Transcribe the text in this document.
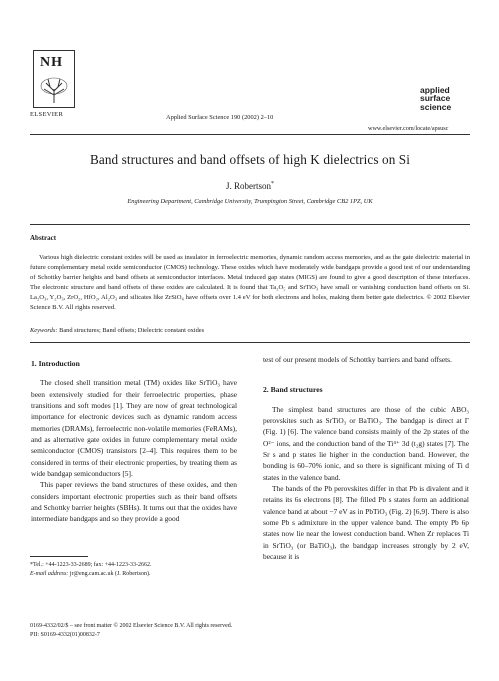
NH
ELSEVIER	Applied Surface Science 190 (2002) 2–10
applied
surface science
www.elsevier.com/locate/apsusc
Band structures and band offsets of high K dielectrics on Si
J. Robertson*
Engineering Department, Cambridge University, Trumpington Street, Cambridge CB2 1PZ, UK
Abstract
Various high dielectric constant oxides will be used as insulator in ferroelectric memories, dynamic random access memories, and as the gate dielectric material in future complementary metal oxide semiconductor (CMOS) technology. These oxides which have moderately wide bandgaps provide a good test of our understanding of Schottky barrier heights and band offsets at semiconductor interfaces. Metal induced gap states (MIGS) are found to give a good description of these interfaces. The electronic structure and band offsets of these oxides are calculated. It is found that Ta₂O₅ and SrTiO₃ have small or vanishing conduction band offsets on Si. La₂O₃, Y₂O₃, ZrO₂, HfO₂, Al₂O₃ and silicates like ZrSiO₄ have offsets over 1.4 eV for both electrons and holes, making them better gate dielectrics. © 2002 Elsevier Science B.V. All rights reserved.
Keywords: Band structures; Band offsets; Dielectric constant oxides
1. Introduction
The closed shell transition metal (TM) oxides like SrTiO₃ have been extensively studied for their ferroelectric properties, phase transitions and soft modes [1]. They are now of great technological importance for electronic devices such as dynamic random access memories (DRAMs), ferroelectric non-volatile memories (FeRAMs), and as alternative gate oxides in future complementary metal oxide semiconductor (CMOS) transistors [2–4]. This requires them to be considered in terms of their electronic properties, by treating them as wide bandgap semiconductors [5].
This paper reviews the band structures of these oxides, and then considers important electronic properties such as their band offsets and Schottky barrier heights (SBHs). It turns out that the oxides have intermediate bandgaps and so they provide a good
test of our present models of Schottky barriers and band offsets.
2. Band structures
The simplest band structures are those of the cubic ABO₃ perovskites such as SrTiO₃ or BaTiO₃. The bandgap is direct at Γ (Fig. 1) [6]. The valence band consists mainly of the 2p states of the O²⁻ ions, and the conduction band of the Ti⁴⁺ 3d (t₂g) states [7]. The Sr s and p states lie higher in the conduction band. However, the bonding is 60–70% ionic, and so there is significant mixing of Ti d states in the valence band.
The bands of the Pb perovskites differ in that Pb is divalent and it retains its 6s electrons [8]. The filled Pb s states form an additional valence band at about −7 eV as in PbTiO₃ (Fig. 2) [6,9]. There is also some Pb s admixture in the upper valence band. The empty Pb 6p states now lie near the lowest conduction band. When Zr replaces Ti in SrTiO₃ (or BaTiO₃), the bandgap increases strongly by 2 eV, because it is
*Tel.: +44-1223-33-2689; fax: +44-1223-33-2662.
E-mail address: jr@eng.cam.ac.uk (J. Robertson).
0169-4332/02/$ – see front matter © 2002 Elsevier Science B.V. All rights reserved.
PII: S0169-4332(01)00832-7
